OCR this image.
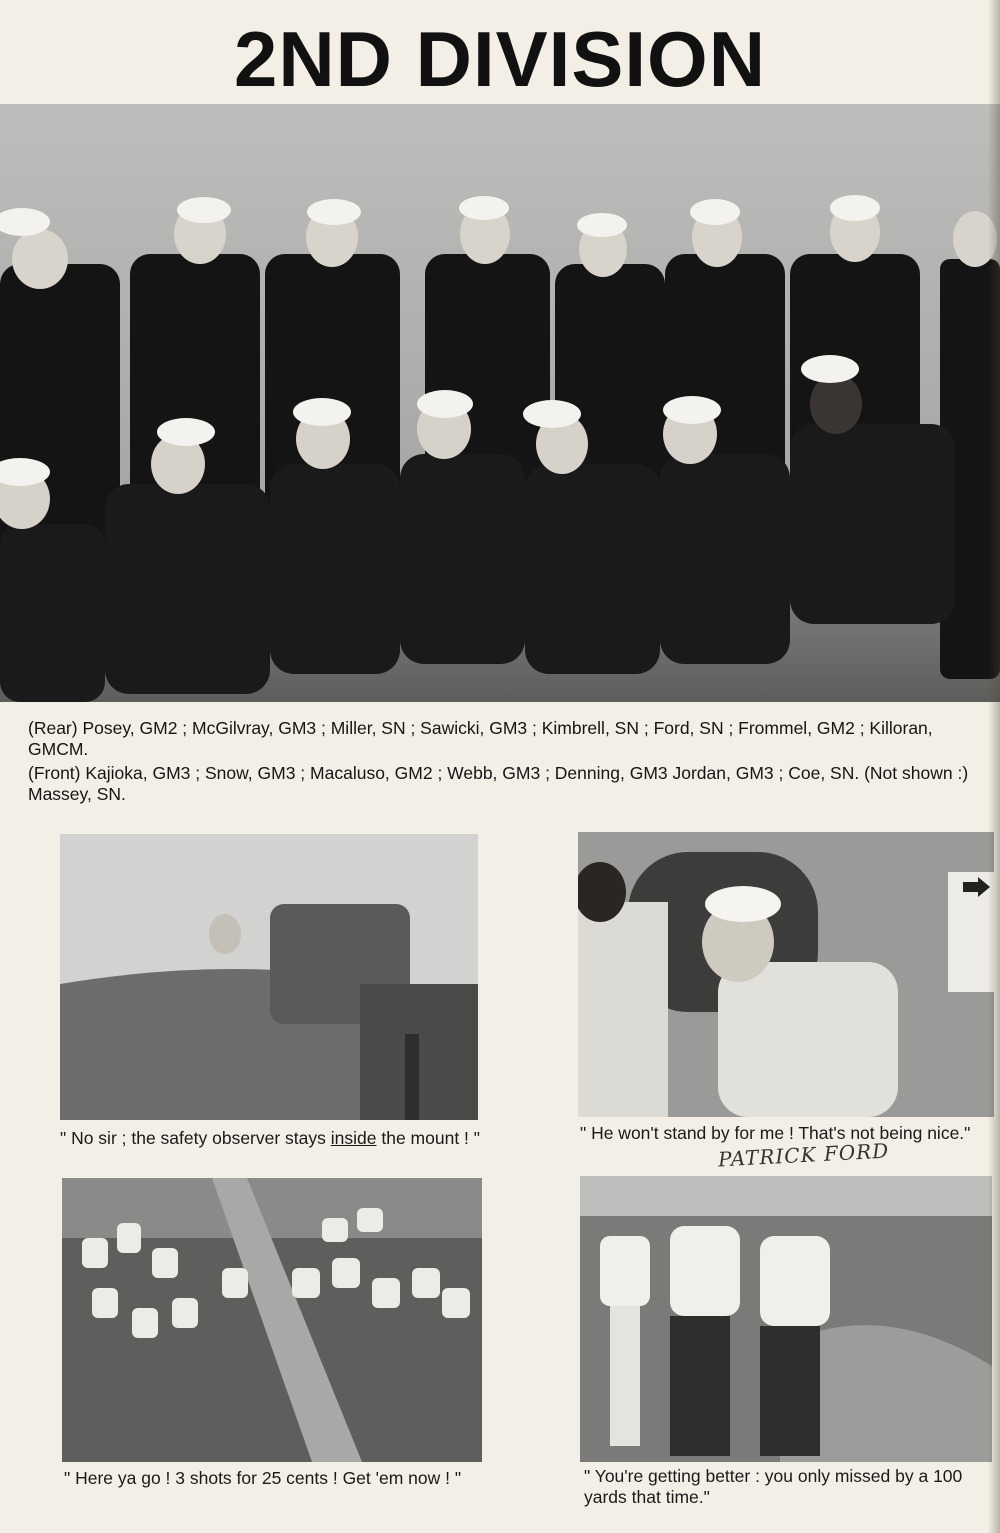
2ND DIVISION
(Rear) Posey, GM2 ; McGilvray, GM3 ; Miller, SN ; Sawicki, GM3 ; Kimbrell, SN ; Ford, SN ; Frommel, GM2 ; Killoran, GMCM.
(Front) Kajioka, GM3 ; Snow, GM3 ; Macaluso, GM2 ; Webb, GM3 ; Denning, GM3 Jordan, GM3 ; Coe, SN. (Not shown :) Massey, SN.
" No sir ; the safety observer stays inside the mount ! "	" He won't stand by for me ! That's not being nice."
PATRICK FORD
" Here ya go ! 3 shots for 25 cents ! Get 'em now ! "	" You're getting better : you only missed by a 100 yards that time."
